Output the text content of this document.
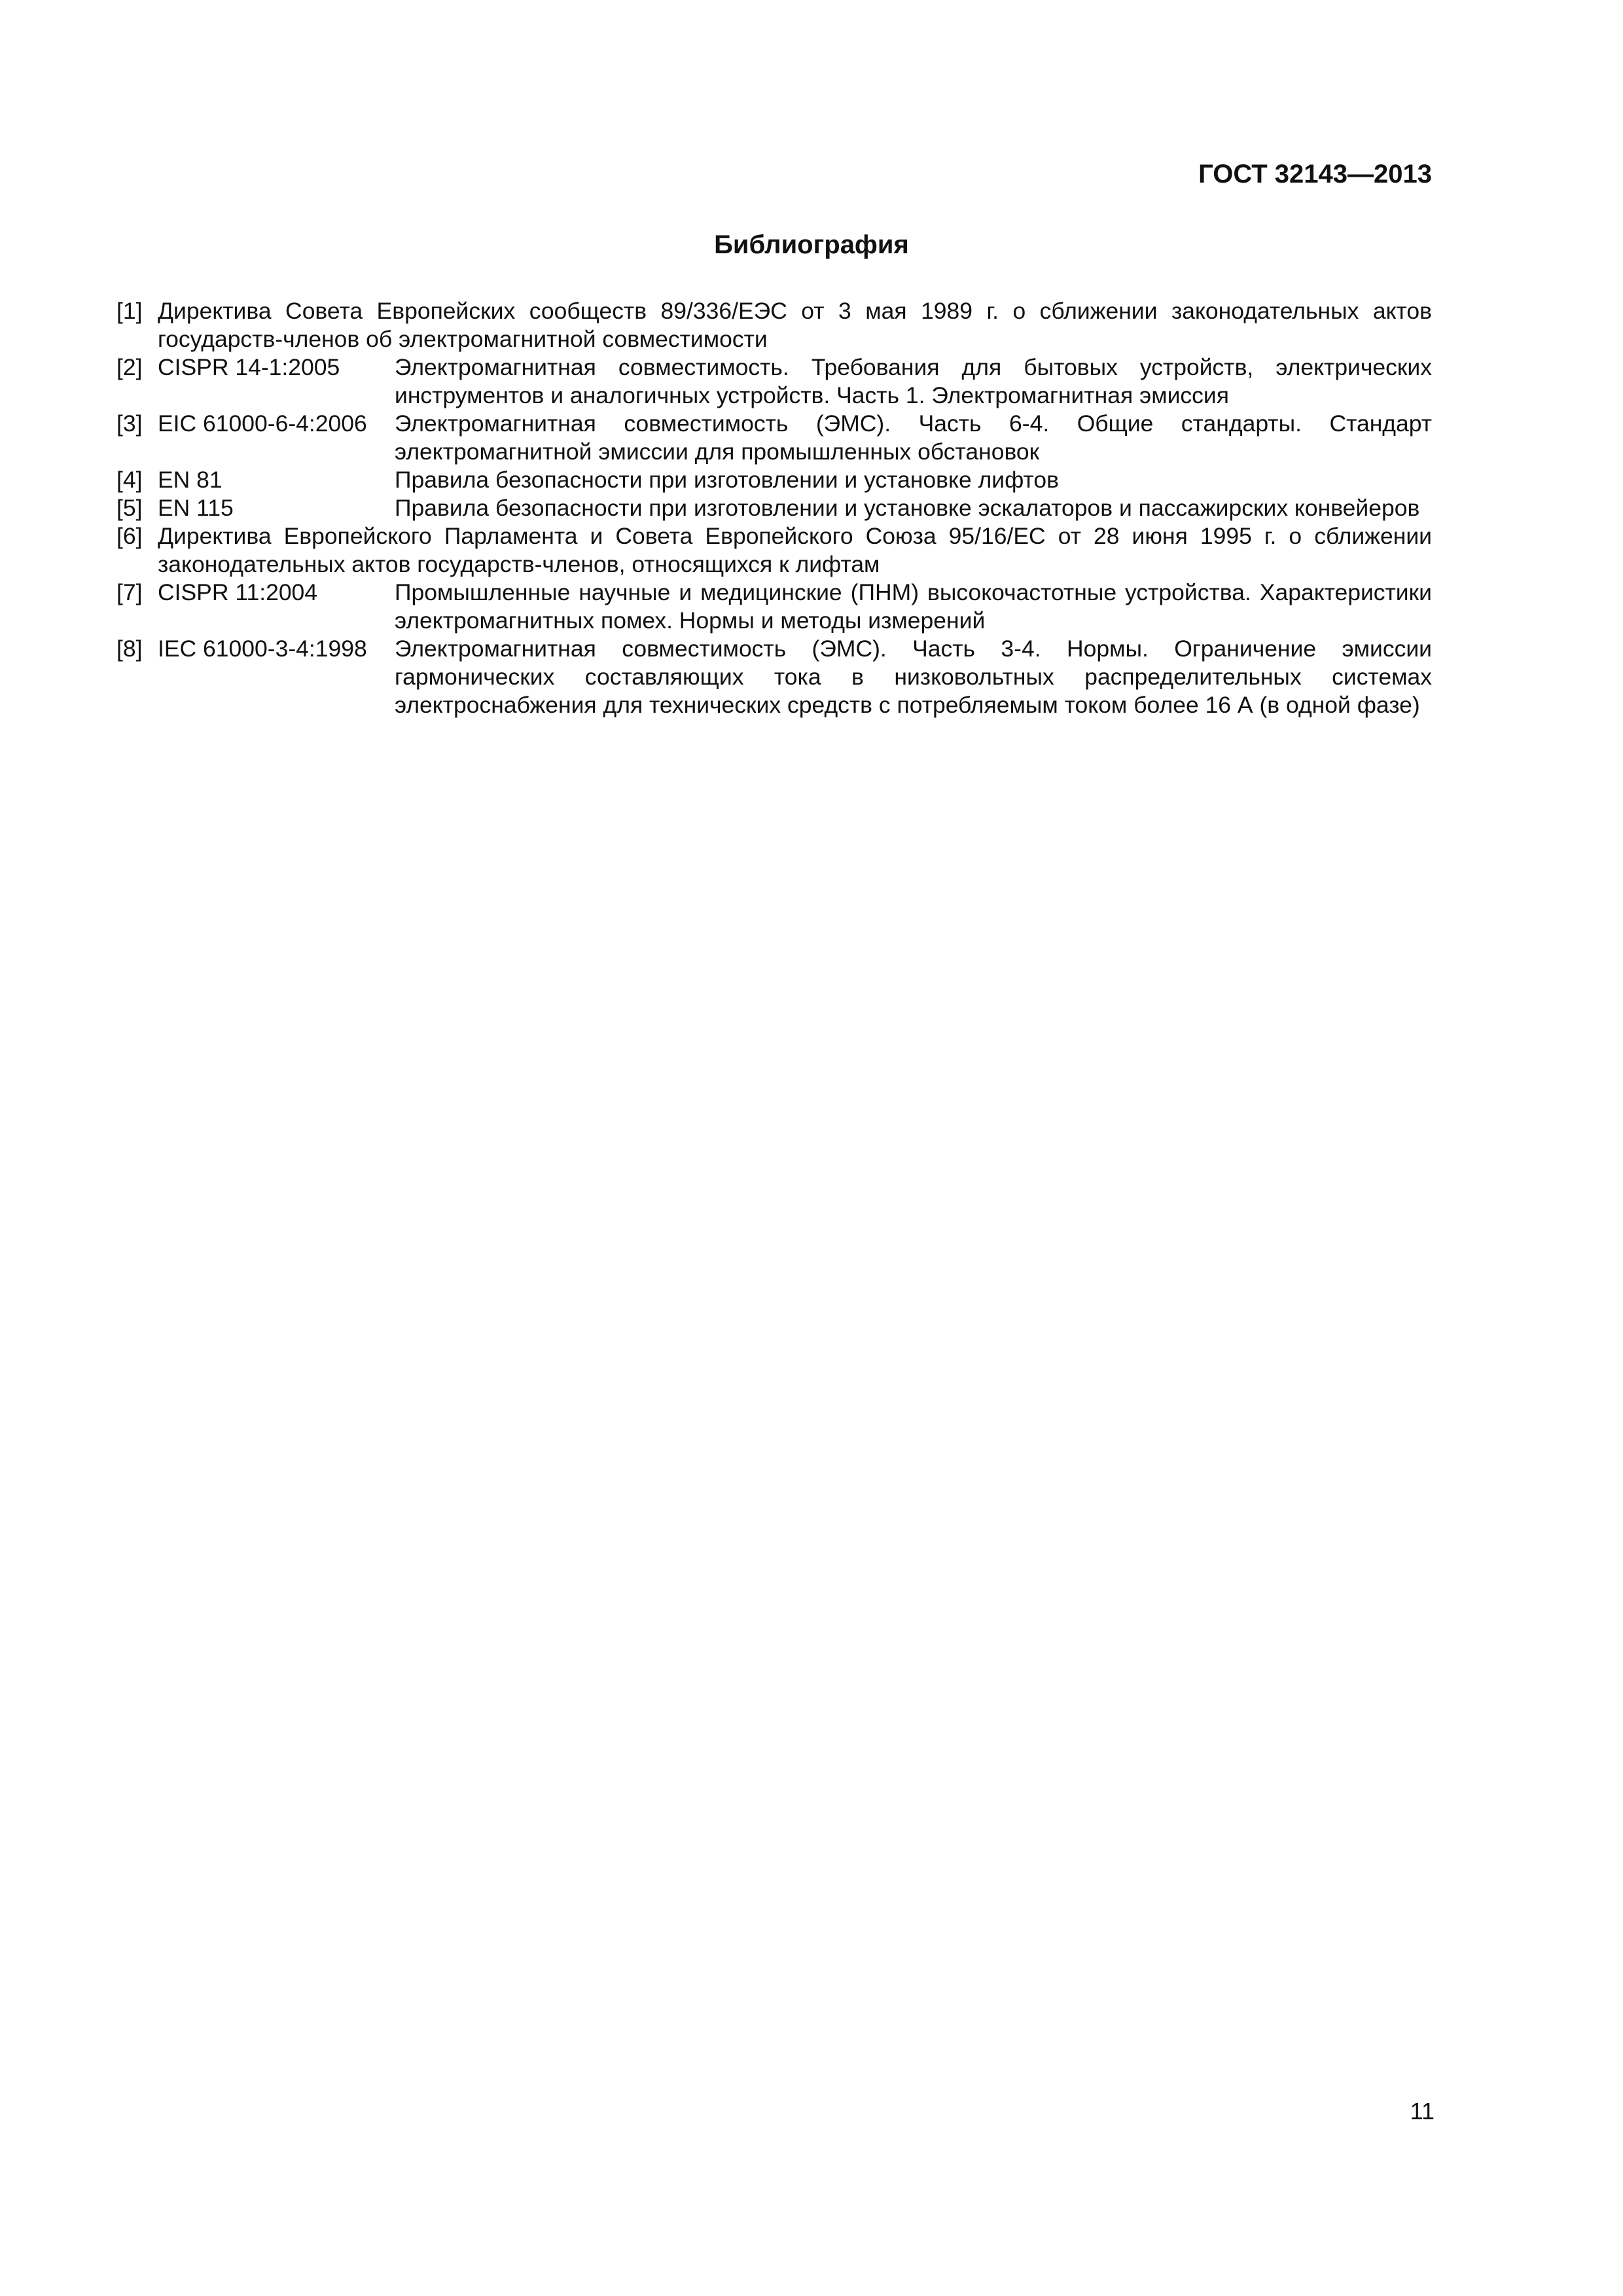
ГОСТ 32143—2013
Библиография
[1] Директива Совета Европейских сообществ 89/336/ЕЭС от 3 мая 1989 г. о сближении законодательных актов государств-членов об электромагнитной совместимости
[2] CISPR 14-1:2005 Электромагнитная совместимость. Требования для бытовых устройств, электрических инструментов и аналогичных устройств. Часть 1. Электромагнитная эмиссия
[3] EIC 61000-6-4:2006 Электромагнитная совместимость (ЭМС). Часть 6-4. Общие стандарты. Стандарт электромагнитной эмиссии для промышленных обстановок
[4] EN 81	Правила безопасности при изготовлении и установке лифтов
[5] EN 115	Правила безопасности при изготовлении и установке эскалаторов и пассажирских конвейеров
[6] Директива Европейского Парламента и Совета Европейского Союза 95/16/ЕС от 28 июня 1995 г. о сближении законодательных актов государств-членов, относящихся к лифтам
[7] CISPR 11:2004	Промышленные научные и медицинские (ПНМ) высокочастотные устройства. Характеристики электромагнитных помех. Нормы и методы измерений
[8] IEC 61000-3-4:1998 Электромагнитная совместимость (ЭМС). Часть 3-4. Нормы. Ограничение эмиссии гармонических составляющих тока в низковольтных распределительных системах электроснабжения для технических средств с потребляемым током более 16 А (в одной фазе)
11
